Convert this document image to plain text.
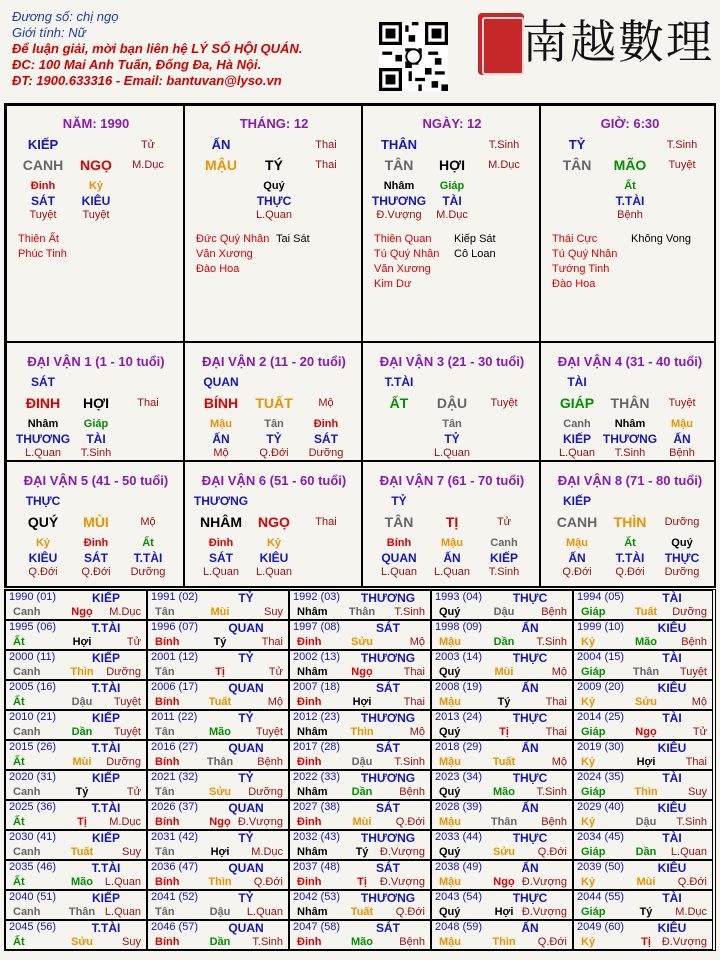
Đương số: chị ngọ
Giới tính: Nữ
Để luận giải, mời bạn liên hệ LÝ SỐ HỘI QUÁN.
ĐC: 100 Mai Anh Tuấn, Đống Đa, Hà Nội.
ĐT: 1900.633316 - Email: bantuvan@lyso.vn
南越數理
NĂM: 1990
KIẾP	Tử
CANH NGỌ M.Dục
Đinh	Kỷ
SÁT KIÊU
Tuyệt Tuyệt
Thiên Ất
Phúc Tinh
THÁNG: 12
ẤN	Thai
MẬU TÝ	Thai
Quý
THỰC
L.Quan
Đức Quý Nhân
Văn Xương
Đào Hoa
Tai Sát
NGÀY: 12
THÂN	T.Sinh
TÂN HỢI M.Dục
Nhâm Giáp
THƯƠNG TÀI
Đ.Vượng M.Dục
Thiên Quan
Tú Quý Nhân
Văn Xương
Kim Dư
Kiếp Sát
Cô Loan
GIỜ: 6:30
TỶ	T.Sinh
TÂN MÃO Tuyệt
Ất
T.TÀI
Bệnh
Thái Cực
Tú Quý Nhân
Tướng Tinh
Đào Hoa
Không Vong
ĐẠI VẬN 1 (1 - 10 tuổi)
SÁT
ĐINH HỢI	Thai
Nhâm Giáp
THƯƠNG TÀI
L.Quan T.Sinh
ĐẠI VẬN 2 (11 - 20 tuổi)
QUAN
BÍNH TUẤT Mộ
Mậu	Tân	Đinh
ẤN	TỶ	SÁT
Mộ	Q.Đới Dưỡng
ĐẠI VẬN 3 (21 - 30 tuổi)
T.TÀI
ẤT DẬU Tuyệt
Tân
TỶ
L.Quan
ĐẠI VẬN 4 (31 - 40 tuổi)
TÀI
GIÁP THÂN Tuyệt
Canh Nhâm Mậu
KIẾP THƯƠNG ẤN
L.Quan T.Sinh Bệnh
ĐẠI VẬN 5 (41 - 50 tuổi)
THỰC
QUÝ MÙI	Mộ
Kỷ	Đinh	Ất
KIÊU SÁT T.TÀI
Q.Đới Q.Đới Dưỡng
ĐẠI VẬN 6 (51 - 60 tuổi)
THƯƠNG
NHÂM NGỌ Thai
Đinh	Kỷ
SÁT KIÊU
L.Quan L.Quan
ĐẠI VẬN 7 (61 - 70 tuổi)
TỶ
TÂN TỊ	Tử
Bính	Mậu Canh
QUAN ẤN KIẾP
L.Quan L.Quan T.Sinh
ĐẠI VẬN 8 (71 - 80 tuổi)
KIẾP
CANH THÌN Dưỡng
Mậu	Ất	Quý
ẤN T.TÀI THỰC
Q.Đới Q.Đới Dưỡng
1990 (01)	KIẾP
Canh	Ngọ M.Dục
1991 (02)	TỶ
Tân	Mùi	Suy
1992 (03) THƯƠNG
Nhâm Thân T.Sinh
1993 (04)	THỰC
Quý	Dậu Bệnh
1994 (05)	TÀI
Giáp	Tuất Dưỡng
1995 (06)	T.TÀI
Ất	Hợi	Tử
1996 (07)	QUAN
Bính	Tý	Thai
1997 (08)	SÁT
Đinh	Sửu	Mộ
1998 (09)	ẤN
Mậu	Dần T.Sinh
1999 (10)	KIÊU
Kỷ	Mão Bệnh
2000 (11)	KIẾP
Canh	Thìn Dưỡng
2001 (12)	TỶ
Tân	Tị	Tử
2002 (13) THƯƠNG
Nhâm Ngọ	Thai
2003 (14)	THỰC
Quý	Mùi	Mộ
2004 (15)	TÀI
Giáp Thân Tuyệt
2005 (16)	T.TÀI
Ất	Dậu Tuyệt
2006 (17)	QUAN
Bính	Tuất	Mộ
2007 (18)	SÁT
Đinh	Hợi	Thai
2008 (19)	ẤN
Mậu	Tý	Thai
2009 (20)	KIÊU
Kỷ	Sửu	Mộ
2010 (21)	KIẾP
Canh	Dần Tuyệt
2011 (22)	TỶ
Tân	Mão Tuyệt
2012 (23) THƯƠNG
Nhâm Thìn	Mộ
2013 (24)	THỰC
Quý	Tị	Thai
2014 (25)	TÀI
Giáp	Ngọ	Tử
2015 (26)	T.TÀI
Ất	Mùi Dưỡng
2016 (27)	QUAN
Bính Thân Bệnh
2017 (28)	SÁT
Đinh	Dậu T.Sinh
2018 (29)	ẤN
Mậu	Tuất	Mộ
2019 (30)	KIÊU
Kỷ	Hợi	Thai
2020 (31)	KIẾP
Canh	Tý	Tử
2021 (32)	TỶ
Tân	Sửu Dưỡng
2022 (33) THƯƠNG
Nhâm Dần Bệnh
2023 (34)	THỰC
Quý	Mão T.Sinh
2024 (35)	TÀI
Giáp	Thìn	Suy
2025 (36)	T.TÀI
Ất	Tị M.Dục
2026 (37)	QUAN
Bính	Ngọ Đ.Vượng
2027 (38)	SÁT
Đinh	Mùi Q.Đới
2028 (39)	ẤN
Mậu	Thân Bệnh
2029 (40)	KIÊU
Kỷ	Dậu T.Sinh
2030 (41)	KIẾP
Canh	Tuất	Suy
2031 (42)	TỶ
Tân	Hợi M.Dục
2032 (43) THƯƠNG
Nhâm	Tý Đ.Vượng
2033 (44)	THỰC
Quý	Sửu Q.Đới
2034 (45)	TÀI
Giáp	Dần L.Quan
2035 (46)	T.TÀI
Ất	Mão L.Quan
2036 (47)	QUAN
Bính	Thìn Q.Đới
2037 (48)	SÁT
Đinh	Tị Đ.Vượng
2038 (49)	ẤN
Mậu	Ngọ Đ.Vượng
2039 (50)	KIÊU
Kỷ	Mùi Q.Đới
2040 (51)	KIẾP
Canh	Thân L.Quan
2041 (52)	TỶ
Tân	Dậu L.Quan
2042 (53) THƯƠNG
Nhâm Tuất Q.Đới
2043 (54)	THỰC
Quý	Hợi Đ.Vượng
2044 (55)	TÀI
Giáp	Tý M.Dục
2045 (56)	T.TÀI
Ất	Sửu	Suy
2046 (57)	QUAN
Bính	Dần T.Sinh
2047 (58)	SÁT
Đinh	Mão Bệnh
2048 (59)	ẤN
Mậu	Thìn Q.Đới
2049 (60)	KIÊU
Kỷ	Tị Đ.Vượng
